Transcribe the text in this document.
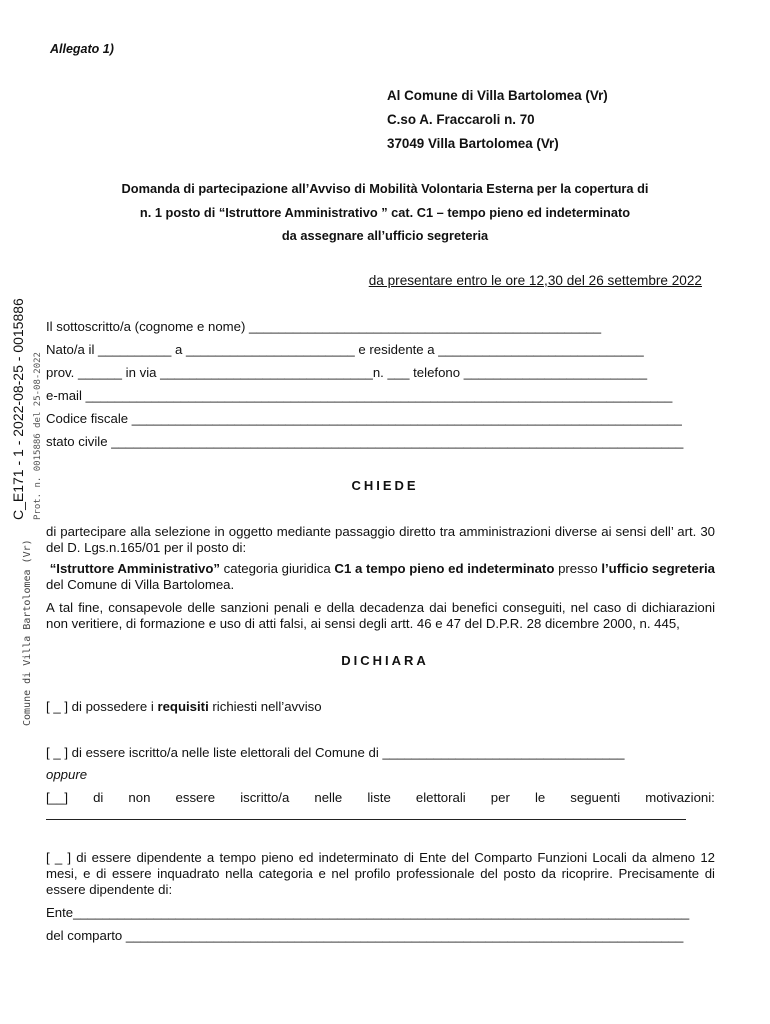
C_E171 - 1 - 2022-08-25 - 0015886 Prot. n. 0015886 del 25-08-2022
Comune di Villa Bartolomea (Vr)
Allegato 1)
Al Comune di Villa Bartolomea (Vr)
C.so A. Fraccaroli n. 70
37049 Villa Bartolomea (Vr)
Domanda di partecipazione all’Avviso di Mobilità Volontaria Esterna per la copertura di
n. 1 posto di “Istruttore Amministrativo ” cat. C1 – tempo pieno ed indeterminato
da assegnare all’ufficio segreteria
da presentare entro le ore 12,30 del 26 settembre 2022
Il sottoscritto/a (cognome e nome) ________________________________________________
Nato/a il __________ a _______________________ e residente a ____________________________
prov. ______ in via _____________________________n. ___ telefono _________________________
e-mail ________________________________________________________________________________
Codice fiscale ___________________________________________________________________________
stato civile ______________________________________________________________________________
CHIEDE
di partecipare alla selezione in oggetto mediante passaggio diretto tra amministrazioni diverse ai sensi dell’ art. 30 del D. Lgs.n.165/01 per il posto di:
“Istruttore Amministrativo” categoria giuridica C1 a tempo pieno ed indeterminato presso l’ufficio segreteria del Comune di Villa Bartolomea.
A tal fine, consapevole delle sanzioni penali e della decadenza dai benefici conseguiti, nel caso di dichiarazioni non veritiere, di formazione e uso di atti falsi, ai sensi degli artt. 46 e 47 del D.P.R. 28 dicembre 2000, n. 445,
DICHIARA
[ _ ] di possedere i requisiti richiesti nell’avviso
[ _ ] di essere iscritto/a nelle liste elettorali del Comune di _________________________________
oppure
[__] di non essere iscritto/a nelle liste elettorali per le seguenti motivazioni:
[ _ ] di essere dipendente a tempo pieno ed indeterminato di Ente del Comparto Funzioni Locali da almeno 12 mesi, e di essere inquadrato nella categoria e nel profilo professionale del posto da ricoprire. Precisamente di essere dipendente di:
Ente____________________________________________________________________________________
del comparto ____________________________________________________________________________
